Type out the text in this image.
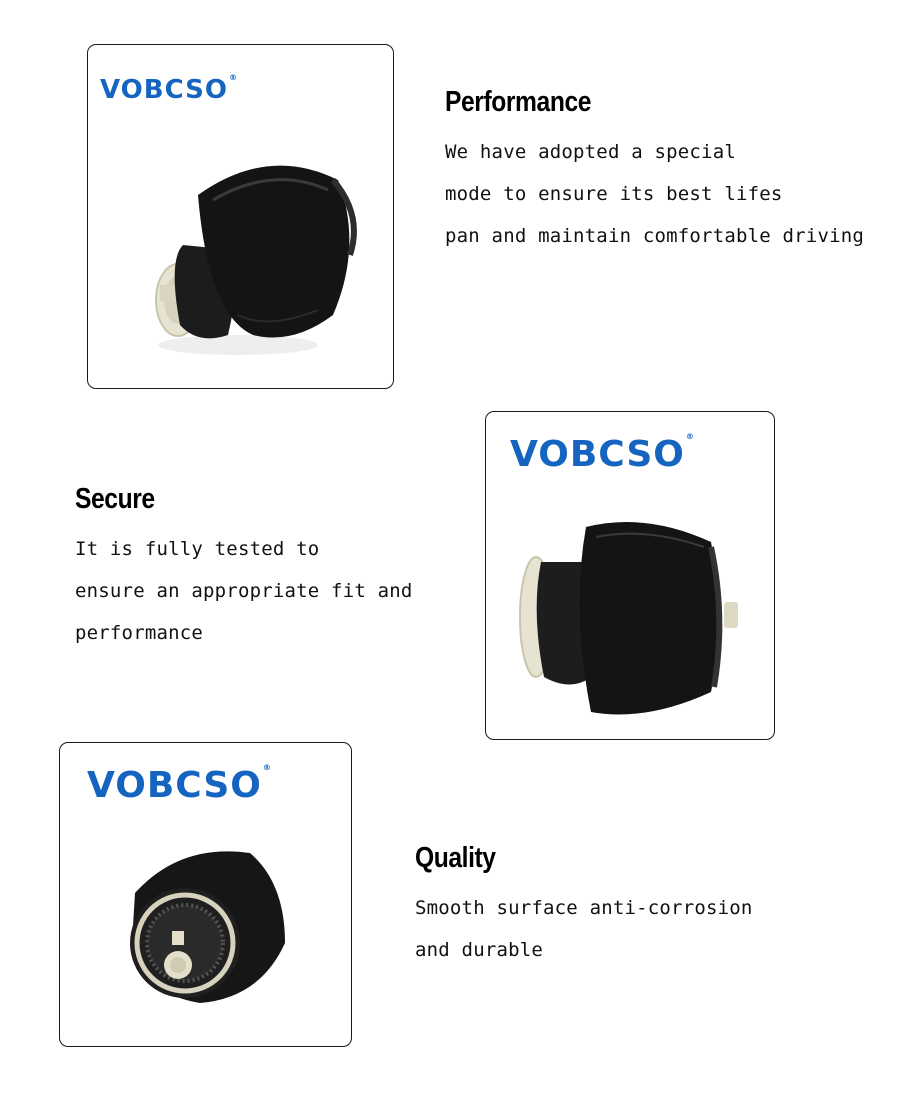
VOBCSO®
Performance
We have adopted a special
mode to ensure its best lifes
pan and maintain comfortable driving
VOBCSO®
Secure
It is fully tested to
ensure an appropriate fit and
performance
VOBCSO®
Quality
Smooth surface anti-corrosion
and durable
